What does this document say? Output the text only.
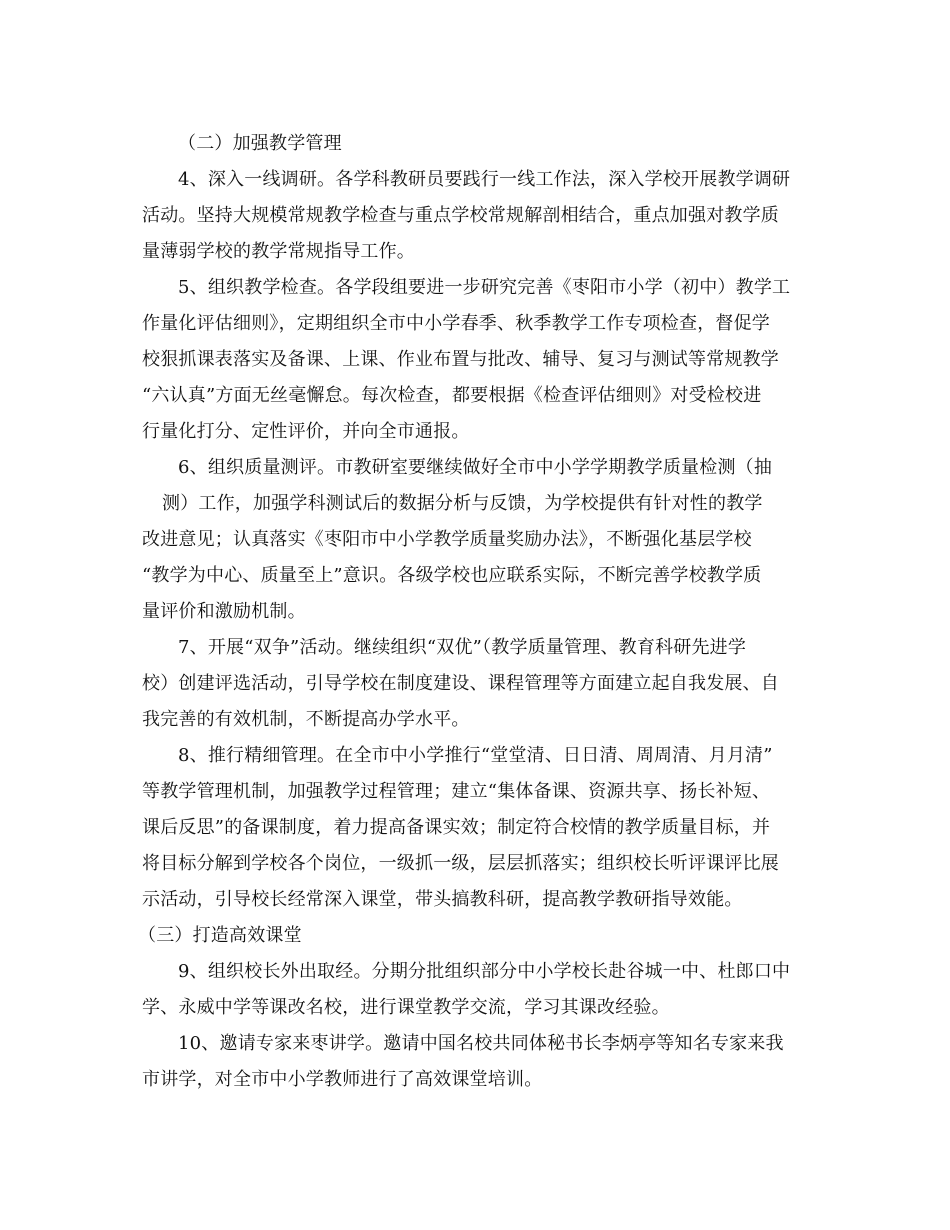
（二）加强教学管理
4、深入一线调研。各学科教研员要践行一线工作法，深入学校开展教学调研
活动。坚持大规模常规教学检查与重点学校常规解剖相结合，重点加强对教学质
量薄弱学校的教学常规指导工作。
5、组织教学检查。各学段组要进一步研究完善《枣阳市小学（初中）教学工
作量化评估细则》，定期组织全市中小学春季、秋季教学工作专项检查，督促学
校狠抓课表落实及备课、上课、作业布置与批改、辅导、复习与测试等常规教学
“六认真”方面无丝毫懈怠。每次检查，都要根据《检查评估细则》对受检校进
行量化打分、定性评价，并向全市通报。
6、组织质量测评。市教研室要继续做好全市中小学学期教学质量检测（抽
测）工作，加强学科测试后的数据分析与反馈，为学校提供有针对性的教学
改进意见；认真落实《枣阳市中小学教学质量奖励办法》，不断强化基层学校
“教学为中心、质量至上”意识。各级学校也应联系实际，不断完善学校教学质
量评价和激励机制。
7、开展“双争”活动。继续组织“双优”（教学质量管理、教育科研先进学
校）创建评选活动，引导学校在制度建设、课程管理等方面建立起自我发展、自
我完善的有效机制，不断提高办学水平。
8、推行精细管理。在全市中小学推行“堂堂清、日日清、周周清、月月清”
等教学管理机制，加强教学过程管理；建立“集体备课、资源共享、扬长补短、
课后反思”的备课制度，着力提高备课实效；制定符合校情的教学质量目标，并
将目标分解到学校各个岗位，一级抓一级，层层抓落实；组织校长听评课评比展
示活动，引导校长经常深入课堂，带头搞教科研，提高教学教研指导效能。
（三）打造高效课堂
9、组织校长外出取经。分期分批组织部分中小学校长赴谷城一中、杜郎口中
学、永威中学等课改名校，进行课堂教学交流，学习其课改经验。
10、邀请专家来枣讲学。邀请中国名校共同体秘书长李炳亭等知名专家来我
市讲学，对全市中小学教师进行了高效课堂培训。
